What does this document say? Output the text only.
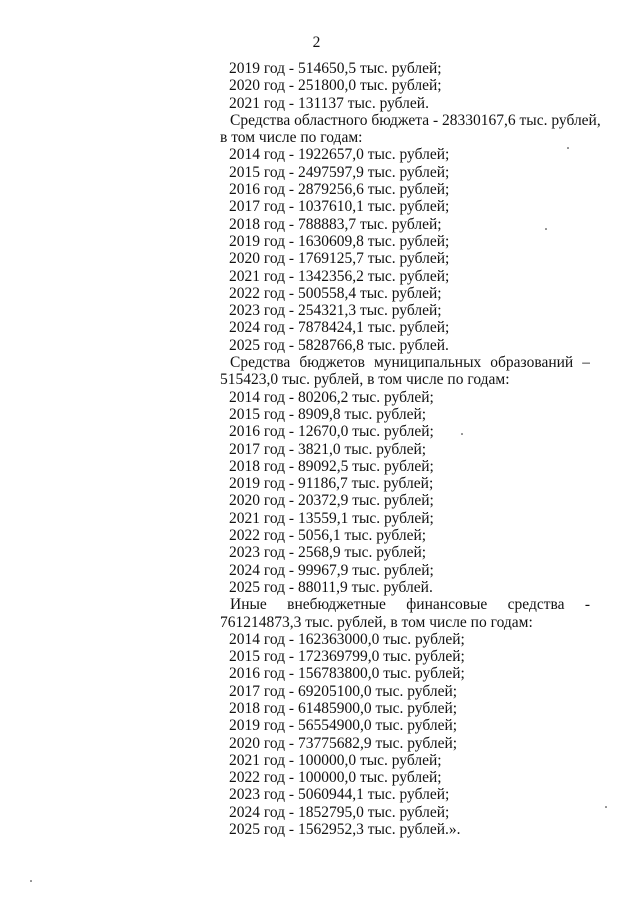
2
2019 год - 514650,5 тыс. рублей;
2020 год - 251800,0 тыс. рублей;
2021 год - 131137 тыс. рублей.
Средства областного бюджета - 28330167,6 тыс. рублей,
в том числе по годам:
2014 год - 1922657,0 тыс. рублей;
2015 год - 2497597,9 тыс. рублей;
2016 год - 2879256,6 тыс. рублей;
2017 год - 1037610,1 тыс. рублей;
2018 год - 788883,7 тыс. рублей;
2019 год - 1630609,8 тыс. рублей;
2020 год - 1769125,7 тыс. рублей;
2021 год - 1342356,2 тыс. рублей;
2022 год - 500558,4 тыс. рублей;
2023 год - 254321,3 тыс. рублей;
2024 год - 7878424,1 тыс. рублей;
2025 год - 5828766,8 тыс. рублей.
Средства бюджетов муниципальных образований –
515423,0 тыс. рублей, в том числе по годам:
2014 год - 80206,2 тыс. рублей;
2015 год - 8909,8 тыс. рублей;
2016 год - 12670,0 тыс. рублей;
2017 год - 3821,0 тыс. рублей;
2018 год - 89092,5 тыс. рублей;
2019 год - 91186,7 тыс. рублей;
2020 год - 20372,9 тыс. рублей;
2021 год - 13559,1 тыс. рублей;
2022 год - 5056,1 тыс. рублей;
2023 год - 2568,9 тыс. рублей;
2024 год - 99967,9 тыс. рублей;
2025 год - 88011,9 тыс. рублей.
Иные внебюджетные финансовые средства -
761214873,3 тыс. рублей, в том числе по годам:
2014 год - 162363000,0 тыс. рублей;
2015 год - 172369799,0 тыс. рублей;
2016 год - 156783800,0 тыс. рублей;
2017 год - 69205100,0 тыс. рублей;
2018 год - 61485900,0 тыс. рублей;
2019 год - 56554900,0 тыс. рублей;
2020 год - 73775682,9 тыс. рублей;
2021 год - 100000,0 тыс. рублей;
2022 год - 100000,0 тыс. рублей;
2023 год - 5060944,1 тыс. рублей;
2024 год - 1852795,0 тыс. рублей;
2025 год - 1562952,3 тыс. рублей.».
